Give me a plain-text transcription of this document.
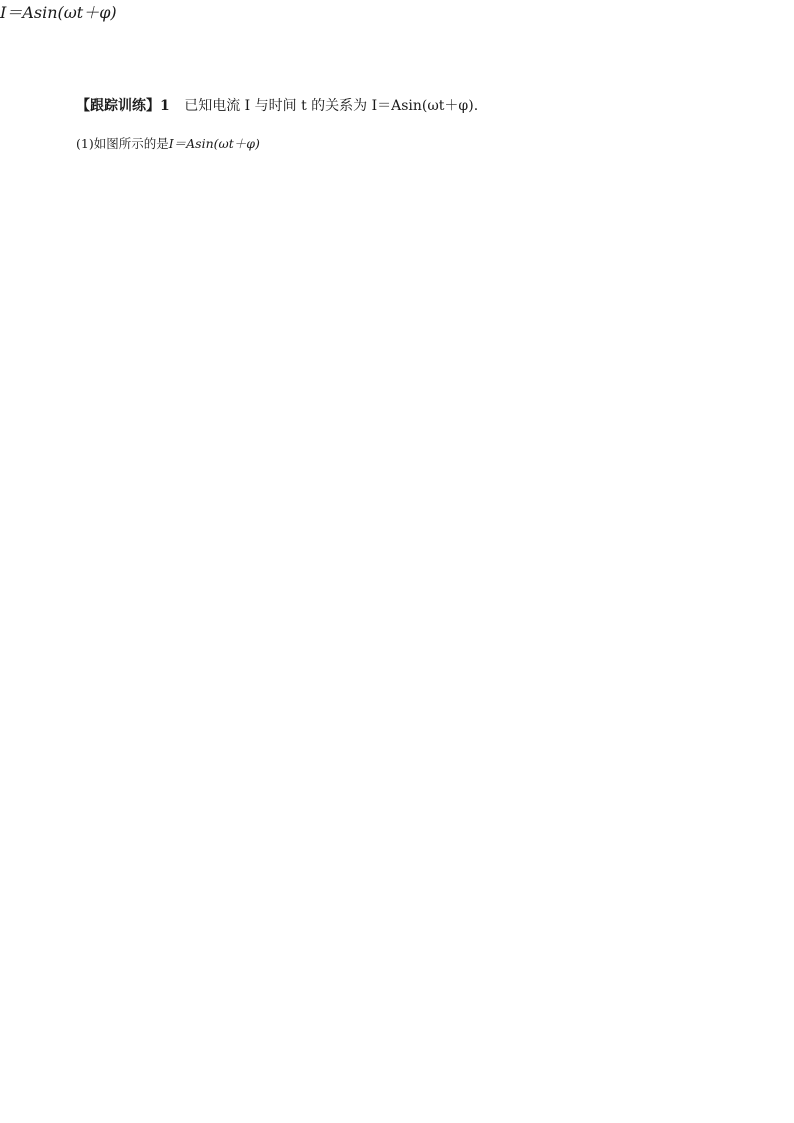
【跟踪训练】1 已知电流 I 与时间 t 的关系为 I＝Asin(ωt＋φ).
(1)如图所示的是I＝Asin(ωt＋φ)
I＝Asin(ωt＋φ)
